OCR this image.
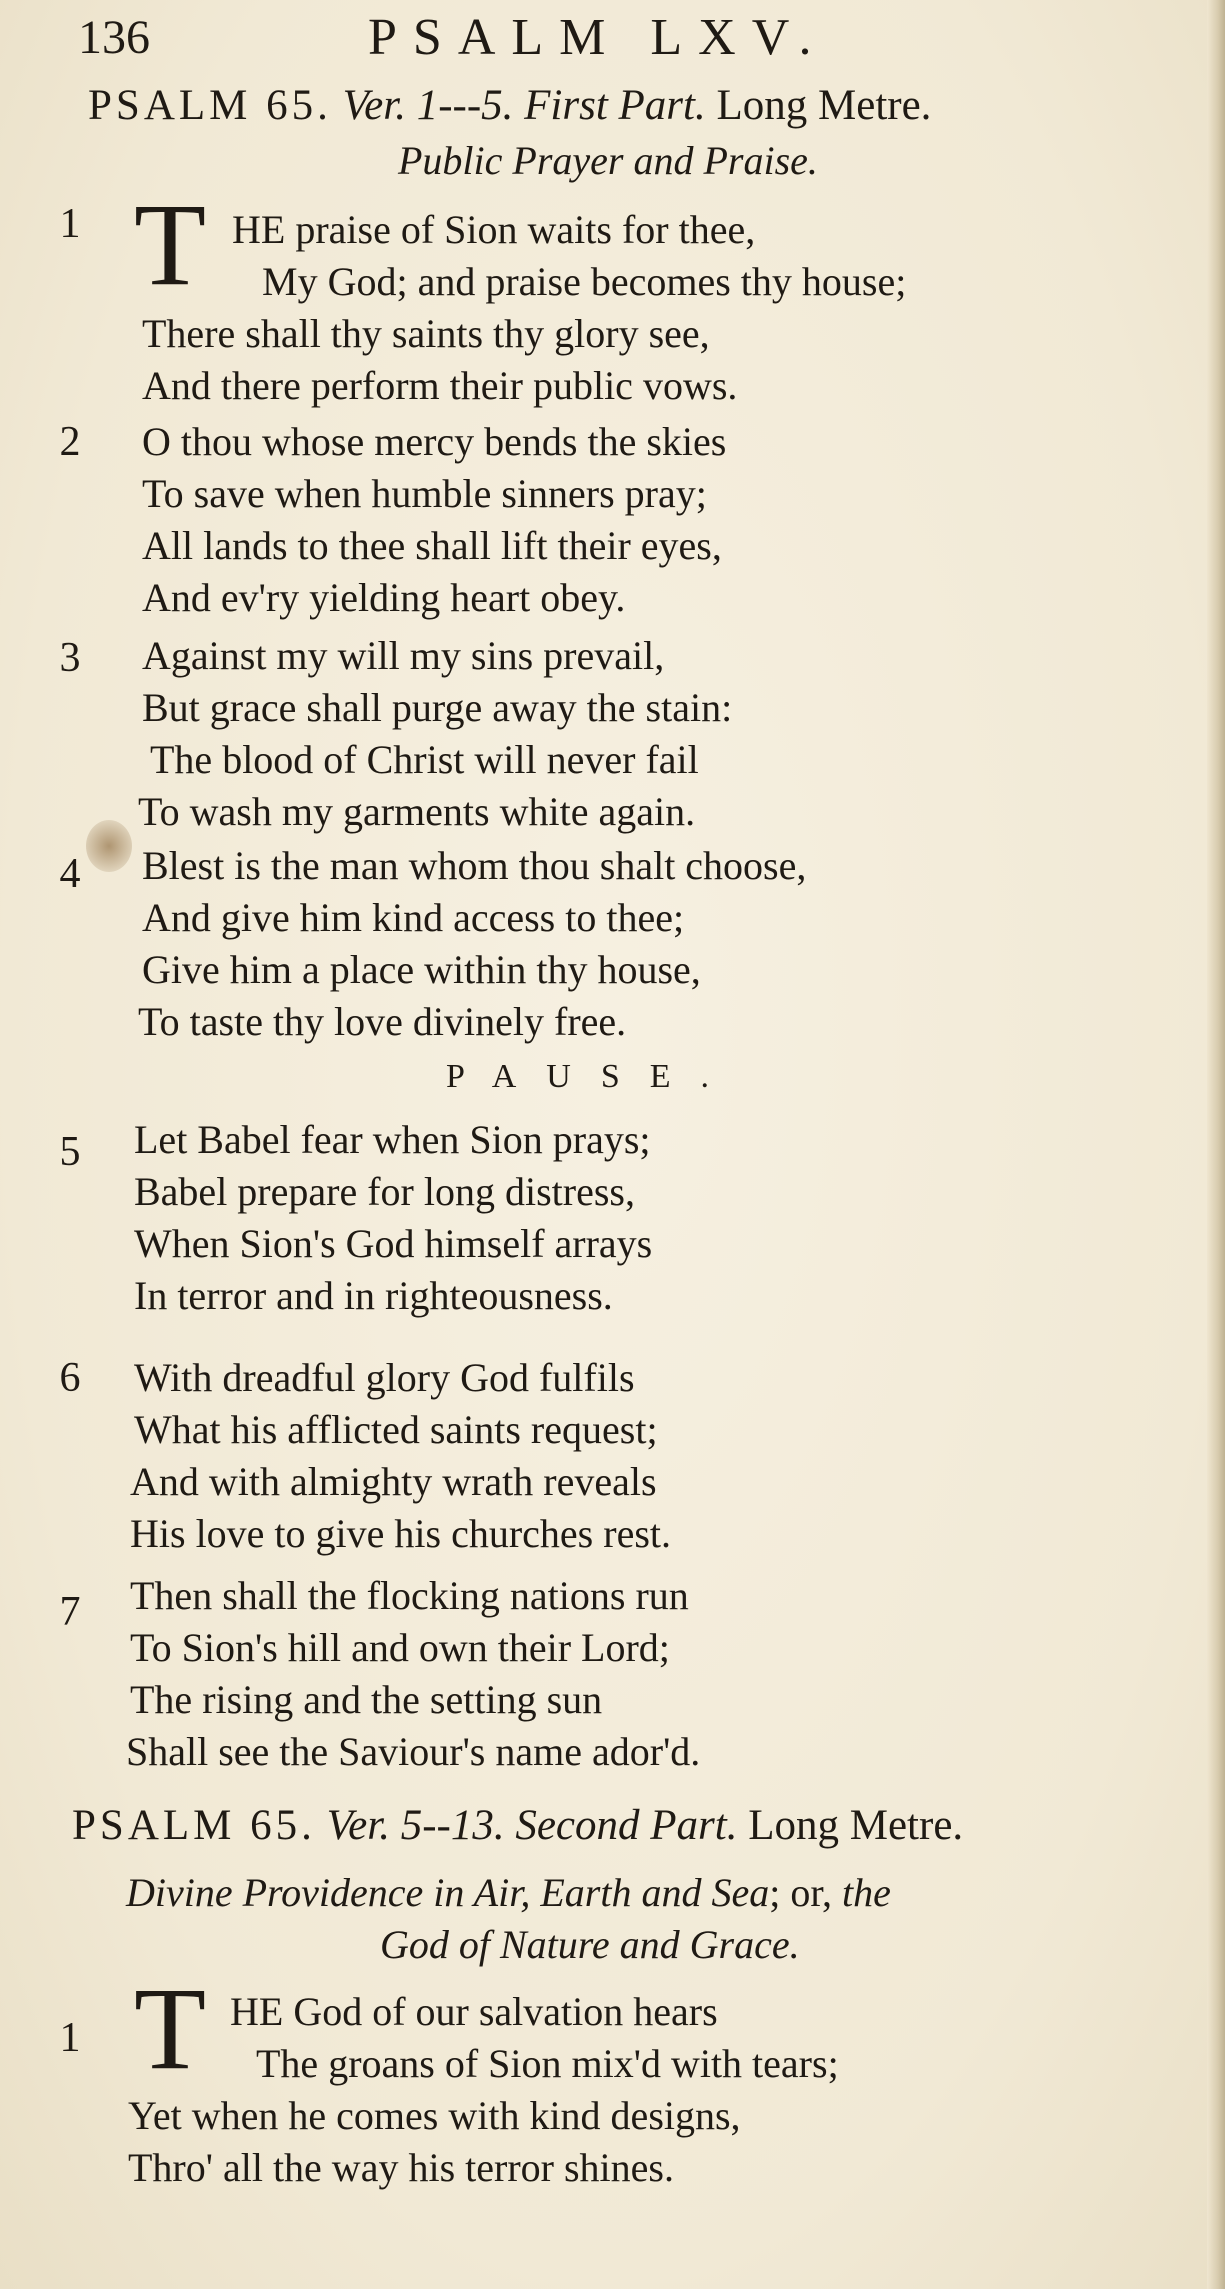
136	PSALM LXV.
PSALM 65. Ver. 1---5. First Part. Long Metre.
Public Prayer and Praise.
1 T HE praise of Sion waits for thee,
My God; and praise becomes thy house;
There shall thy saints thy glory see,
And there perform their public vows.
2 O thou whose mercy bends the skies
To save when humble sinners pray;
All lands to thee shall lift their eyes,
And ev'ry yielding heart obey.
3 Against my will my sins prevail,
But grace shall purge away the stain:
The blood of Christ will never fail
To wash my garments white again.
4 Blest is the man whom thou shalt choose,
And give him kind access to thee;
Give him a place within thy house,
To taste thy love divinely free.
PAUSE.
5 Let Babel fear when Sion prays;
Babel prepare for long distress,
When Sion's God himself arrays
In terror and in righteousness.
6 With dreadful glory God fulfils
What his afflicted saints request;
And with almighty wrath reveals
His love to give his churches rest.
7 Then shall the flocking nations run
To Sion's hill and own their Lord;
The rising and the setting sun
Shall see the Saviour's name ador'd.
PSALM 65. Ver. 5--13. Second Part. Long Metre.
Divine Providence in Air, Earth and Sea; or, the
God of Nature and Grace.
1 T HE God of our salvation hears
The groans of Sion mix'd with tears;
Yet when he comes with kind designs,
Thro' all the way his terror shines.
